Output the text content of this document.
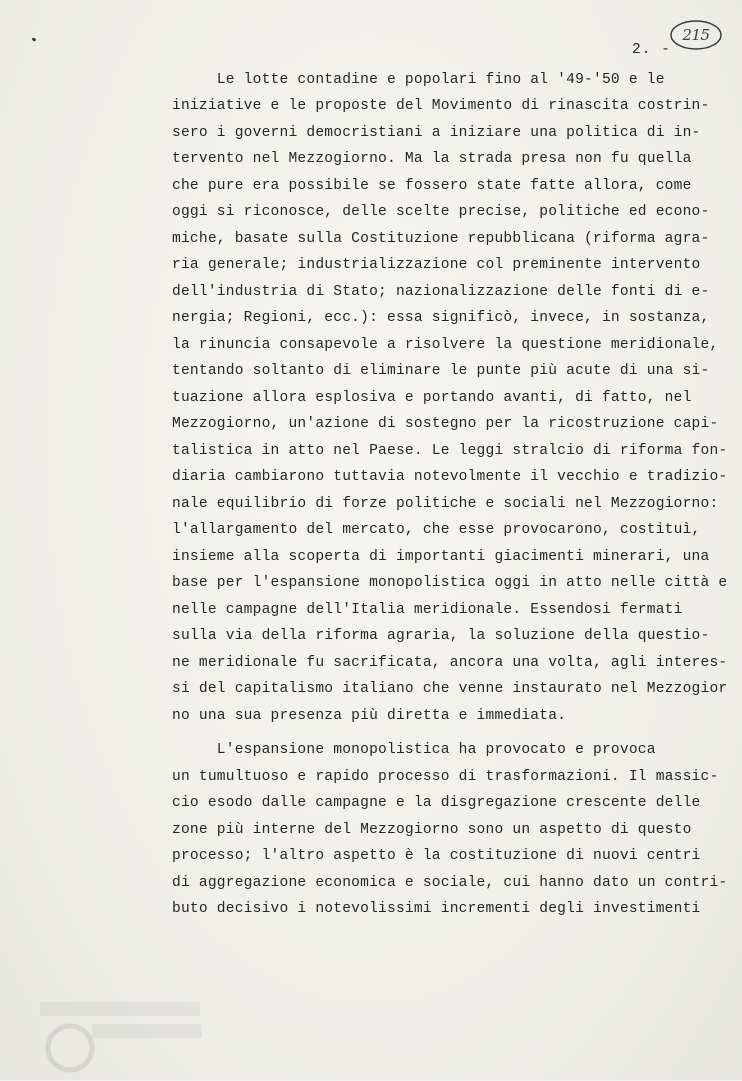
2. -
215
Le lotte contadine e popolari fino al '49-'50 e le
iniziative e le proposte del Movimento di rinascita costrin-
sero i governi democristiani a iniziare una politica di in-
tervento nel Mezzogiorno. Ma la strada presa non fu quella
che pure era possibile se fossero state fatte allora, come
oggi si riconosce, delle scelte precise, politiche ed econo-
miche, basate sulla Costituzione repubblicana (riforma agra-
ria generale; industrializzazione col preminente intervento
dell'industria di Stato; nazionalizzazione delle fonti di e-
nergia; Regioni, ecc.): essa significò, invece, in sostanza,
la rinuncia consapevole a risolvere la questione meridionale,
tentando soltanto di eliminare le punte più acute di una si-
tuazione allora esplosiva e portando avanti, di fatto, nel
Mezzogiorno, un'azione di sostegno per la ricostruzione capi-
talistica in atto nel Paese. Le leggi stralcio di riforma fon-
diaria cambiarono tuttavia notevolmente il vecchio e tradizio-
nale equilibrio di forze politiche e sociali nel Mezzogiorno:
l'allargamento del mercato, che esse provocarono, costituì,
insieme alla scoperta di importanti giacimenti minerari, una
base per l'espansione monopolistica oggi in atto nelle città e
nelle campagne dell'Italia meridionale. Essendosi fermati
sulla via della riforma agraria, la soluzione della questio-
ne meridionale fu sacrificata, ancora una volta, agli interes-
si del capitalismo italiano che venne instaurato nel Mezzogior
no una sua presenza più diretta e immediata.
L'espansione monopolistica ha provocato e provoca
un tumultuoso e rapido processo di trasformazioni. Il massic-
cio esodo dalle campagne e la disgregazione crescente delle
zone più interne del Mezzogiorno sono un aspetto di questo
processo; l'altro aspetto è la costituzione di nuovi centri
di aggregazione economica e sociale, cui hanno dato un contri-
buto decisivo i notevolissimi incrementi degli investimenti
